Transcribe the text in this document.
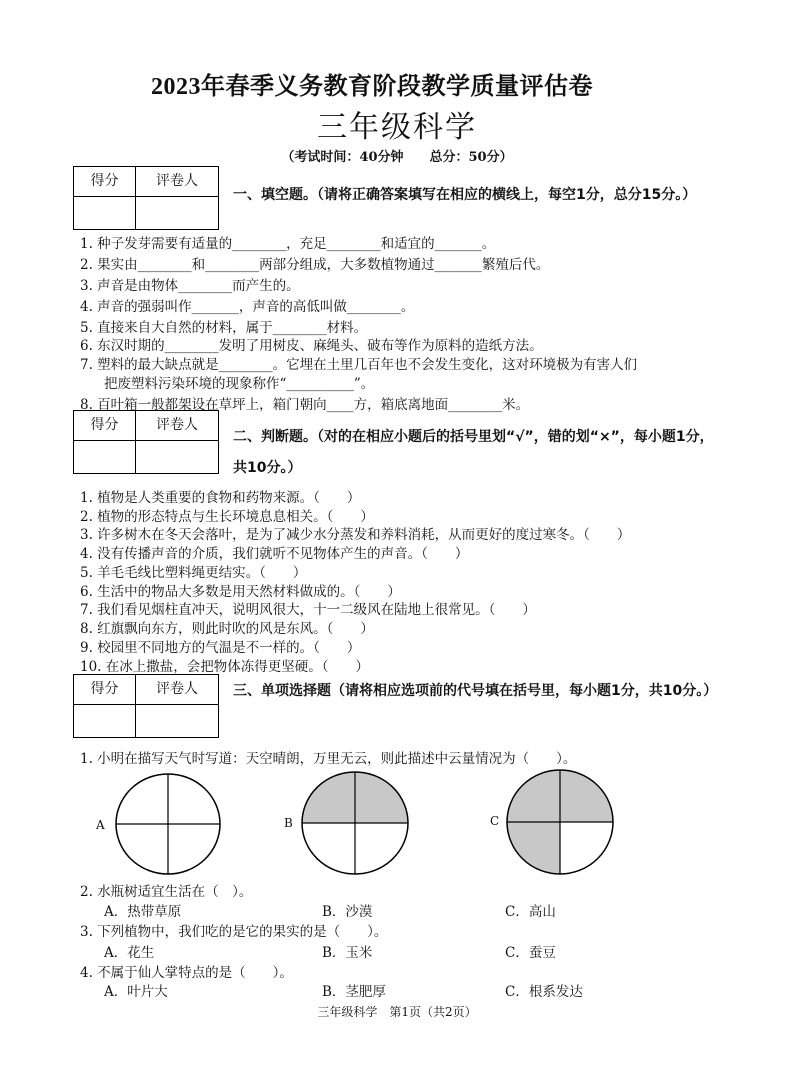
2023年春季义务教育阶段教学质量评估卷
三年级科学
（考试时间：40分钟　　总分：50分）
得分	评卷人
一、填空题。（请将正确答案填写在相应的横线上，每空1分，总分15分。）
1. 种子发芽需要有适量的________，充足________和适宜的_______。
2. 果实由________和________两部分组成，大多数植物通过_______繁殖后代。
3. 声音是由物体________而产生的。
4. 声音的强弱叫作_______，声音的高低叫做________。
5. 直接来自大自然的材料，属于________材料。
6. 东汉时期的________发明了用树皮、麻绳头、破布等作为原料的造纸方法。
7. 塑料的最大缺点就是________。它埋在土里几百年也不会发生变化，这对环境极为有害人们
把废塑料污染环境的现象称作“__________”。
8. 百叶箱一般都架设在草坪上，箱门朝向____方，箱底离地面________米。
得分	评卷人
二、判断题。（对的在相应小题后的括号里划“√”，错的划“×”，每小题1分，共10分。）
1. 植物是人类重要的食物和药物来源。（　　）
2. 植物的形态特点与生长环境息息相关。（　　）
3. 许多树木在冬天会落叶，是为了减少水分蒸发和养料消耗，从而更好的度过寒冬。（　　）
4. 没有传播声音的介质，我们就听不见物体产生的声音。（　　）
5. 羊毛毛线比塑料绳更结实。（　　）
6. 生活中的物品大多数是用天然材料做成的。（　　）
7. 我们看见烟柱直冲天，说明风很大，十一二级风在陆地上很常见。（　　）
8. 红旗飘向东方，则此时吹的风是东风。（　　）
9. 校园里不同地方的气温是不一样的。（　　）
10. 在冰上撒盐，会把物体冻得更坚硬。（　　）
得分	评卷人	三、单项选择题（请将相应选项前的代号填在括号里，每小题1分，共10分。）
1. 小明在描写天气时写道：天空晴朗，万里无云，则此描述中云量情况为（　　）。
A	B	C
2. 水瓶树适宜生活在（　）。
A．热带草原	B．沙漠	C．高山
3. 下列植物中，我们吃的是它的果实的是（　　）。
A．花生	B．玉米	C．蚕豆
4. 不属于仙人掌特点的是（　　）。
A．叶片大	B．茎肥厚	C．根系发达
三年级科学　第1页（共2页）
